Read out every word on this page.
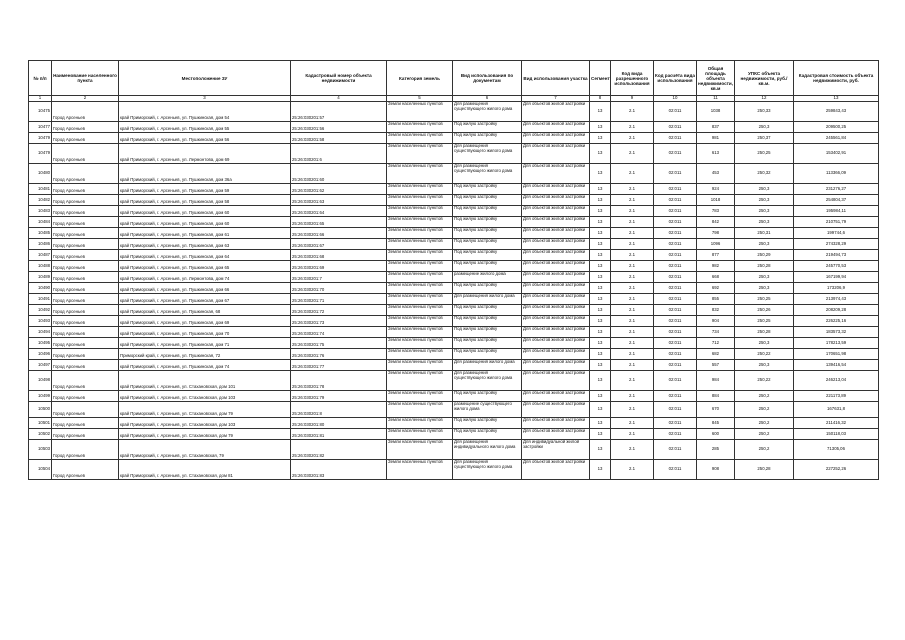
№ п/п	Наименование населенного пункта	Местоположение ЗУ	Кадастровый номер объекта недвижимости	Категория земель	Вид использования по документам	Вид использования участка	Сегмент	Код вида разрешенного использования	Код расчёта вида использования	Общая площадь объекта недвижимости, кв.м	УПКС объекта недвижимости, руб./кв.м.	Кадастровая стоимость объекта недвижимости, руб.
1	2	3	4	5	6	7	8	9	10	11	12	13
10475	Город Арсеньев	край Приморский, г. Арсеньев, ул. Пушкинская, дом 54	25:26:030201:57	Земли населенных пунктов	Для размещения существующего жилого дома	Для объектов жилой застройки	13	2.1	02:011	1038	250,33	259843,43
10477	Город Арсеньев	край Приморский, г. Арсеньев, ул. Пушкинская, дом 55	25:26:030201:56	Земли населенных пунктов	Под жилую застройку	Для объектов жилой застройки	13	2.1	02:011	837	250,3	209500,25
10479	Город Арсеньев	край Приморский, г. Арсеньев, ул. Пушкинская, дом 56	25:26:030201:58	Земли населенных пунктов	Под жилую застройку	Для объектов жилой застройки	13	2.1	02:011	981	250,37	245561,84
10479	Город Арсеньев	край Приморский, г. Арсеньев, ул. Лермонтова, дом 69	25:26:030201:6	Земли населенных пунктов	Для размещения существующего жилого дома	Для объектов жилой застройки	13	2.1	02:011	613	250,25	153402,91
10480	Город Арсеньев	край Приморский, г. Арсеньев, ул. Пушкинская, дом 36а	25:26:030201:60	Земли населенных пунктов	Для размещения существующего жилого дома	Для объектов жилой застройки	13	2.1	02:011	453	250,32	113366,09
10481	Город Арсеньев	край Приморский, г. Арсеньев, ул. Пушкинская, дом 59	25:26:030201:62	Земли населенных пунктов	Под жилую застройку	Для объектов жилой застройки	13	2.1	02:011	924	250,3	231276,27
10482	Город Арсеньев	край Приморский, г. Арсеньев, ул. Пушкинская, дом 58	25:26:030201:63	Земли населенных пунктов	Под жилую застройку	Для объектов жилой застройки	13	2.1	02:011	1018	250,3	254804,37
10483	Город Арсеньев	край Приморский, г. Арсеньев, ул. Пушкинская, дом 60	25:26:030201:64	Земли населенных пунктов	Под жилую застройку	Для объектов жилой застройки	13	2.1	02:011	783	250,3	195984,11
10484	Город Арсеньев	край Приморский, г. Арсеньев, ул. Пушкинская, дом 60	25:26:030201:65	Земли населенных пунктов	Под жилую застройку	Для объектов жилой застройки	13	2.1	02:011	842	250,3	210751,79
10485	Город Арсеньев	край Приморский, г. Арсеньев, ул. Пушкинская, дом 61	25:26:030201:66	Земли населенных пунктов	Под жилую застройку	Для объектов жилой застройки	13	2.1	02:011	798	250,31	199744,6
10486	Город Арсеньев	край Приморский, г. Арсеньев, ул. Пушкинская, дом 63	25:26:030201:67	Земли населенных пунктов	Под жилую застройку	Для объектов жилой застройки	13	2.1	02:011	1096	250,3	274328,29
10487	Город Арсеньев	край Приморский, г. Арсеньев, ул. Пушкинская, дом 64	25:26:030201:68	Земли населенных пунктов	Под жилую застройку	Для объектов жилой застройки	13	2.1	02:011	877	250,29	219494,73
10488	Город Арсеньев	край Приморский, г. Арсеньев, ул. Пушкинская, дом 65	25:26:030201:69	Земли населенных пунктов	Под жилую застройку	Для объектов жилой застройки	13	2.1	02:011	982	250,28	245770,53
10489	Город Арсеньев	край Приморский, г. Арсеньев, ул. Лермонтова, дом 74	25:26:030201:7	Земли населенных пунктов	размещение жилого дома	Для объектов жилой застройки	13	2.1	02:011	668	250,3	167199,94
10490	Город Арсеньев	край Приморский, г. Арсеньев, ул. Пушкинская, дом 66	25:26:030201:70	Земли населенных пунктов	Под жилую застройку	Для объектов жилой застройки	13	2.1	02:011	692	250,3	173206,9
10491	Город Арсеньев	край Приморский, г. Арсеньев, ул. Пушкинская, дом 67	25:26:030201:71	Земли населенных пунктов	Для размещения жилого дома	Для объектов жилой застройки	13	2.1	02:011	855	250,25	213974,43
10492	Город Арсеньев	край Приморский, г. Арсеньев, ул. Пушкинская, 68	25:26:030201:72	Земли населенных пунктов	Под жилую застройку	Для объектов жилой застройки	13	2.1	02:011	832	250,26	208209,28
10493	Город Арсеньев	край Приморский, г. Арсеньев, ул. Пушкинская, дом 69	25:26:030201:73	Земли населенных пунктов	Под жилую застройку	Для объектов жилой застройки	13	2.1	02:011	904	250,25	226225,16
10494	Город Арсеньев	край Приморский, г. Арсеньев, ул. Пушкинская, дом 70	25:26:030201:74	Земли населенных пунктов	Под жилую застройку	Для объектов жилой застройки	13	2.1	02:011	734	250,28	183573,32
10495	Город Арсеньев	край Приморский, г. Арсеньев, ул. Пушкинская, дом 71	25:26:030201:75	Земли населенных пунктов	Под жилую застройку	Для объектов жилой застройки	13	2.1	02:011	712	250,3	178213,59
10496	Город Арсеньев	Приморский край, г. Арсеньев, ул. Пушкинская, 72	25:26:030201:76	Земли населенных пунктов	Под жилую застройку	Для объектов жилой застройки	13	2.1	02:011	682	250,22	170651,98
10497	Город Арсеньев	край Приморский, г. Арсеньев, ул. Пушкинская, дом 74	25:26:030201:77	Земли населенных пунктов	Для размещения жилого дома	Для объектов жилой застройки	13	2.1	02:011	557	250,3	139416,54
10498	Город Арсеньев	край Приморский, г. Арсеньев, ул. Стахановская, дом 101	25:26:030201:78	Земли населенных пунктов	Для размещения существующего жилого дома	Для объектов жилой застройки	13	2.1	02:011	984	250,22	246213,04
10499	Город Арсеньев	край Приморский, г. Арсеньев, ул. Стахановская, дом 103	25:26:030201:79	Земли населенных пунктов	Под жилую застройку	Для объектов жилой застройки	13	2.1	02:011	884	250,2	221173,89
10500	Город Арсеньев	край Приморский, г. Арсеньев, ул. Стахановская, дом 79	25:26:030201:8	Земли населенных пунктов	размещение существующего жилого дома	Для объектов жилой застройки	13	2.1	02:011	670	250,2	167631,8
10501	Город Арсеньев	край Приморский, г. Арсеньев, ул. Стахановская, дом 103	25:26:030201:80	Земли населенных пунктов	Под жилую застройку	Для объектов жилой застройки	13	2.1	02:011	845	250,2	211416,32
10502	Город Арсеньев	край Приморский, г. Арсеньев, ул. Стахановская, дом 79	25:26:030201:81	Земли населенных пунктов	Под жилую застройку	Для объектов жилой застройки	13	2.1	02:011	600	250,2	150118,03
10503	Город Арсеньев	край Приморский, г. Арсеньев, ул. Стахановская, 79	25:26:030201:82	Земли населенных пунктов	Для размещения индивидуального жилого дома	Для индивидуальной жилой застройки	13	2.1	02:011	285	250,2	71305,06
10504	Город Арсеньев	край Приморский, г. Арсеньев, ул. Стахановская, дом 81	25:26:030201:83	Земли населенных пунктов	Для размещения существующего жилого дома	Для объектов жилой застройки	13	2.1	02:011	908	250,28	227252,26
